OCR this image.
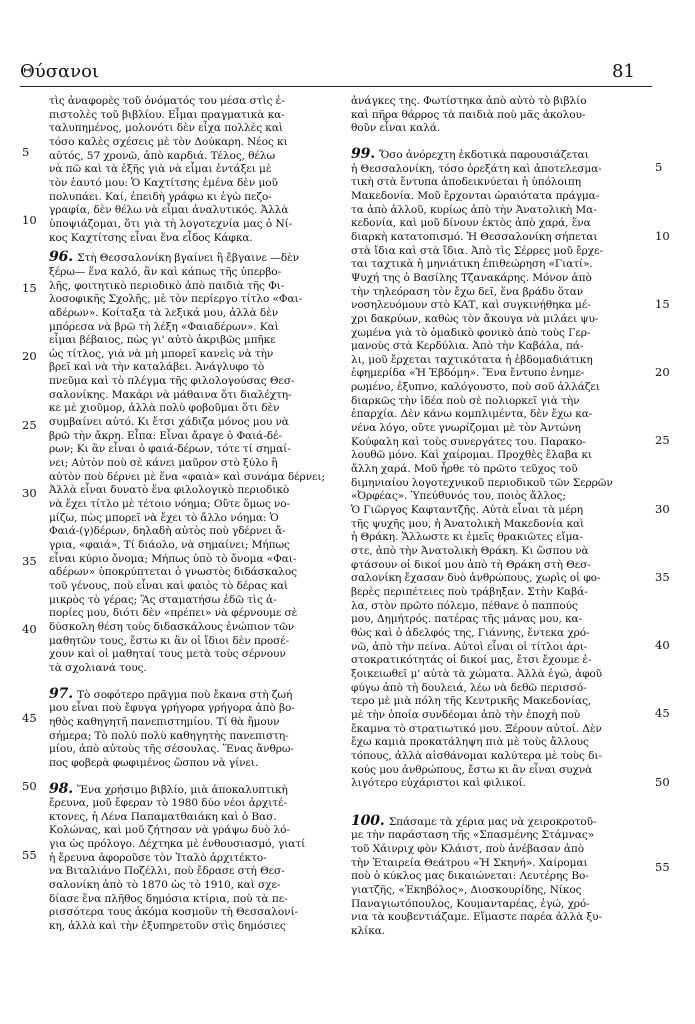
Θύσανοι	81
5
10
15
20
25
30
35
40
45
50
55
5
10
15
20
25
30
35
40
45
50
55
τὶς ἀναφορὲς τοῦ ὀνόματός του μέσα στὶς ἐ-
πιστολὲς τοῦ βιβλίου. Εἶμαι πραγματικὰ κα-
ταλυπημένος, μολονότι δὲν εἶχα πολλὲς καὶ
τόσο καλὲς σχέσεις μὲ τὸν Δούκαρη. Νέος κι
αὐτός, 57 χρονῶ, ἀπὸ καρδιά. Τέλος, θέλω
νὰ πῶ καὶ τὰ ἑξῆς γιὰ νὰ εἶμαι ἐντάξει μὲ
τὸν ἑαυτό μου: Ὁ Καχτίτσης ἐμένα δὲν μοῦ
πολυπάει. Καί, ἐπειδὴ γράφω κι ἐγὼ πεζο-
γραφία, δὲν θέλω νὰ εἶμαι ἀναλυτικός. Ἀλλὰ
ὑποψιάζομαι, ὅτι γιὰ τὴ λογοτεχνία μας ὁ Νί-
κος Καχτίτσης εἶναι ἕνα εἶδος Κάφκα.
96. Στὴ Θεσσαλονίκη βγαίνει ἢ ἔβγαινε —δὲν
ξέρω— ἕνα καλό, ἂν καὶ κάπως τῆς ὑπερβο-
λῆς, φοιτητικὸ περιοδικὸ ἀπὸ παιδιὰ τῆς Φι-
λοσοφικῆς Σχολῆς, μὲ τὸν περίεργο τίτλο «Φαι-
αδέρων». Κοίταξα τὰ λεξικά μου, ἀλλὰ δὲν
μπόρεσα νὰ βρῶ τὴ λέξη «Φαιαδέρων». Καὶ
εἶμαι βέβαιος, πὼς γι' αὐτὸ ἀκριβῶς μπῆκε
ὡς τίτλος, γιὰ νὰ μὴ μπορεῖ κανεὶς νὰ τὴν
βρεῖ καὶ νὰ τὴν καταλάβει. Ἀνάγλυφο τὸ
πνεῦμα καὶ τὸ πλέγμα τῆς φιλολογούσας Θεσ-
σαλονίκης. Μακάρι νὰ μάθαινα ὅτι διαλέχτη-
κε μὲ χιοῦμορ, ἀλλὰ πολὺ φοβοῦμαι ὅτι δὲν
συμβαίνει αὐτό. Κι ἔτσι χάδιζα μόνος μου νὰ
βρῶ τὴν ἄκρη. Εἶπα: Εἶναι ἄραγε ὁ Φαιά-δέ-
ρων; Κι ἂν εἶναι ὁ φαιά-δέρων, τότε τί σημαί-
νει; Αὐτὸν ποὺ σὲ κάνει μαῦρον στὸ ξύλο ἢ
αὐτὸν ποὺ δέρνει μὲ ἕνα «φαιὰ» καὶ συνάμα δέρνει;
Ἀλλὰ εἶναι δυνατὸ ἕνα φιλολογικὸ περιοδικὸ
νὰ ἔχει τίτλο μὲ τέτοιο νόημα; Οὔτε ὅμως νο-
μίζω, πὼς μπορεῖ νὰ ἔχει τὸ ἄλλο νόημα: Ὁ
Φαιά-(γ)δέρων, δηλαδὴ αὐτὸς ποὺ γδέρνει ἄ-
γρια, «φαιά», Τί διάολο, νὰ σημαίνει; Μήπως
εἶναι κύριο ὄνομα; Μήπως ὑπὸ τὸ ὄνομα «Φαι-
αδέρων» ὑποκρύπτεται ὁ γνωστὸς διδάσκαλος
τοῦ γένους, ποὺ εἶναι καὶ φαιὸς τὸ δέρας καὶ
μικρὸς τὸ γέρας; Ἂς σταματήσω ἐδῶ τὶς ἀ-
πορίες μου, διότι δὲν «πρέπει» νὰ φέρνουμε σὲ
δύσκολη θέση τοὺς διδασκάλους ἐνώπιον τῶν
μαθητῶν τους, ἔστω κι ἂν οἱ ἴδιοι δὲν προσέ-
χουν καὶ οἱ μαθηταί τους μετὰ τοὺς σέρνουν
τὰ σχολιανά τους.
97. Τὸ σοφότερο πρᾶγμα ποὺ ἔκανα στὴ ζωή
μου εἶναι ποὺ ἔφυγα γρήγορα γρήγορα ἀπὸ βο-
ηθὸς καθηγητῆ πανεπιστημίου. Τί θὰ ἤμουν
σήμερα; Τὸ πολὺ πολὺ καθηγητὴς πανεπιστη-
μίου, ἀπὸ αὐτοὺς τῆς σέσουλας. Ἕνας ἄνθρω-
πος φοβερὰ φωφιμένος ὥσπου νὰ γίνει.
98. Ἕνα χρήσιμο βιβλίο, μιὰ ἀποκαλυπτικὴ
ἔρευνα, μοῦ ἔφεραν τὸ 1980 δύο νέοι ἀρχιτέ-
κτονες, ἡ Λένα Παπαματθαιάκη καὶ ὁ Βασ.
Κολώνας, καὶ μοῦ ζήτησαν νὰ γράψω δυὸ λό-
για ὡς πρόλογο. Δέχτηκα μὲ ἐνθουσιασμό, γιατί
ἡ ἔρευνα ἀφοροῦσε τὸν Ἰταλὸ ἀρχιτέκτο-
να Βιταλιάνο Ποζέλλι, ποὺ ἔδρασε στὴ Θεσ-
σαλονίκη ἀπὸ τὸ 1870 ὡς τὸ 1910, καὶ σχε-
δίασε ἕνα πλῆθος δημόσια κτίρια, ποὺ τὰ πε-
ρισσότερα τους ἀκόμα κοσμοῦν τὴ Θεσσαλονί-
κη, ἀλλὰ καὶ τὴν ἐξυπηρετοῦν στὶς δημόσιες
ἀνάγκες της. Φωτίστηκα ἀπὸ αὐτὸ τὸ βιβλίο
καὶ πῆρα θάρρος τὰ παιδιὰ ποὺ μᾶς ἀκολου-
θοῦν εἶναι καλά.
99. Ὅσο ἀνόρεχτη ἐκδοτικὰ παρουσιάζεται
ἡ Θεσσαλονίκη, τόσο ὀρεξάτη καὶ ἀποτελεσμα-
τικὴ στὰ ἔντυπα ἀποδεικνύεται ἡ ὑπόλοιπη
Μακεδονία. Μοῦ ἔρχονται ὡραιότατα πράγμα-
τα ἀπὸ ἀλλοῦ, κυρίως ἀπὸ τὴν Ἀνατολικὴ Μα-
κεδονία, καὶ μοῦ δίνουν ἐκτὸς ἀπὸ χαρά, ἕνα
διαρκὴ κατατοπισμό. Ἡ Θεσσαλονίκη σήπεται
στὰ ἴδια καὶ στὰ ἴδια. Ἀπὸ τὶς Σέρρες μοῦ ἔρχε-
ται ταχτικὰ ἡ μηνιάτικη ἐπιθεώρηση «Γιατί».
Ψυχή της ὁ Βασίλης Τζανακάρης. Μόνον ἀπὸ
τὴν τηλεόραση τὸν ἔχω δεῖ, ἕνα βράδυ ὅταν
νοσηλευόμουν στὸ ΚΑΤ, καὶ συγκινήθηκα μέ-
χρι δακρύων, καθὼς τὸν ἄκουγα νὰ μιλάει ψυ-
χωμένα γιὰ τὸ ὁμαδικὸ φονικὸ ἀπὸ τοὺς Γερ-
μανοὺς στὰ Κερδύλια. Ἀπὸ τὴν Καβάλα, πά-
λι, μοῦ ἔρχεται ταχτικότατα ἡ ἑβδομαδιάτικη
ἐφημερίδα «Ἡ Ἑβδόμη». Ἕνα ἔντυπο ἐνημε-
ρωμένο, ἐξυπνο, καλόγουστο, ποὺ σοῦ ἀλλάζει
διαρκῶς τὴν ἰδέα ποὺ σὲ πολιορκεῖ γιὰ τὴν
ἐπαρχία. Δὲν κάνω κομπλιμέντα, δὲν ἔχω κα-
νένα λόγο, οὔτε γνωρίζομαι μὲ τὸν Ἀντώνη
Κούφαλη καὶ τοὺς συνεργάτες του. Παρακο-
λουθῶ μόνο. Καὶ χαίρομαι. Προχθὲς ἔλαβα κι
ἄλλη χαρά. Μοῦ ἦρθε τὸ πρῶτο τεῦχος τοῦ
διμηνιαίου λογοτεχνικοῦ περιοδικοῦ τῶν Σερρῶν
«Ὀρφέας». Ὑπεύθυνός του, ποιὸς ἄλλος;
Ὁ Γιῶργος Καφταντζῆς. Αὐτὰ εἶναι τὰ μέρη
τῆς ψυχῆς μου, ἡ Ἀνατολικὴ Μακεδονία καὶ
ἡ Θράκη. Ἄλλωστε κι ἐμεῖς θρακιῶτες εἴμα-
στε, ἀπὸ τὴν Ἀνατολικὴ Θράκη. Κι ὥσπου νὰ
φτάσουν οἱ δικοί μου ἀπὸ τὴ Θράκη στὴ Θεσ-
σαλονίκη ἔχασαν δυὸ ἀνθρώπους, χωρὶς οἱ φο-
βερὲς περιπέτειες ποὺ τράβηξαν. Στὴν Καβά-
λα, στὸν πρῶτο πόλεμο, πέθανε ὁ παππούς
μου, Δημήτρός. πατέρας τῆς μάνας μου, κα-
θὼς καὶ ὁ ἀδελφός της, Γιάννης, ἔντεκα χρό-
νῶ, ἀπὸ τὴν πείνα. Αὐτοὶ εἶναι οἱ τίτλοι ἀρι-
στοκρατικότητάς οἱ δικοί μας, ἔτσι ἔχουμε ἐ-
ξοικειωθεῖ μ' αὐτὰ τὰ χώματα. Ἀλλὰ ἐγώ, ἀφοῦ
φύγω ἀπὸ τὴ δουλειά, λέω νὰ δεθῶ περισσό-
τερο μὲ μιὰ πόλη τῆς Κεντρικῆς Μακεδονίας,
μὲ τὴν ὁποία συνδέομαι ἀπὸ τὴν ἐποχὴ ποὺ
ἔκαμνα τὸ στρατιωτικό μου. Ξέρουν αὐτοί. Δὲν
ἔχω καμιὰ προκατάληψη πιὰ μὲ τοὺς ἄλλους
τόπους, ἀλλὰ αἰσθάνομαι καλύτερα μὲ τοὺς δι-
κούς μου ἀνθρώπους, ἔστω κι ἂν εἶναι συχνὰ
λιγότερο εὐχάριστοι καὶ φιλικοί.
100. Σπάσαμε τὰ χέρια μας νὰ χειροκροτοῦ-
με τὴν παράσταση τῆς «Σπασμένης Στάμνας»
τοῦ Χάινριχ φὸν Κλάιστ, ποὺ ἀνέβασαν ἀπὸ
τὴν Ἑταιρεία Θεάτρου «Ἡ Σκηνή». Χαίρομαι
ποὺ ὁ κύκλος μας δικαιώνεται: Λευτέρης Βο-
γιατζῆς, «Ἐκηβόλος», Διοσκουρίδης, Νίκος
Παναγιωτόπουλος, Κουμανταρέας, ἐγώ, χρό-
νια τὰ κουβεντιάζαμε. Εἴμαστε παρέα ἀλλὰ ξυ-
κλίκα.
